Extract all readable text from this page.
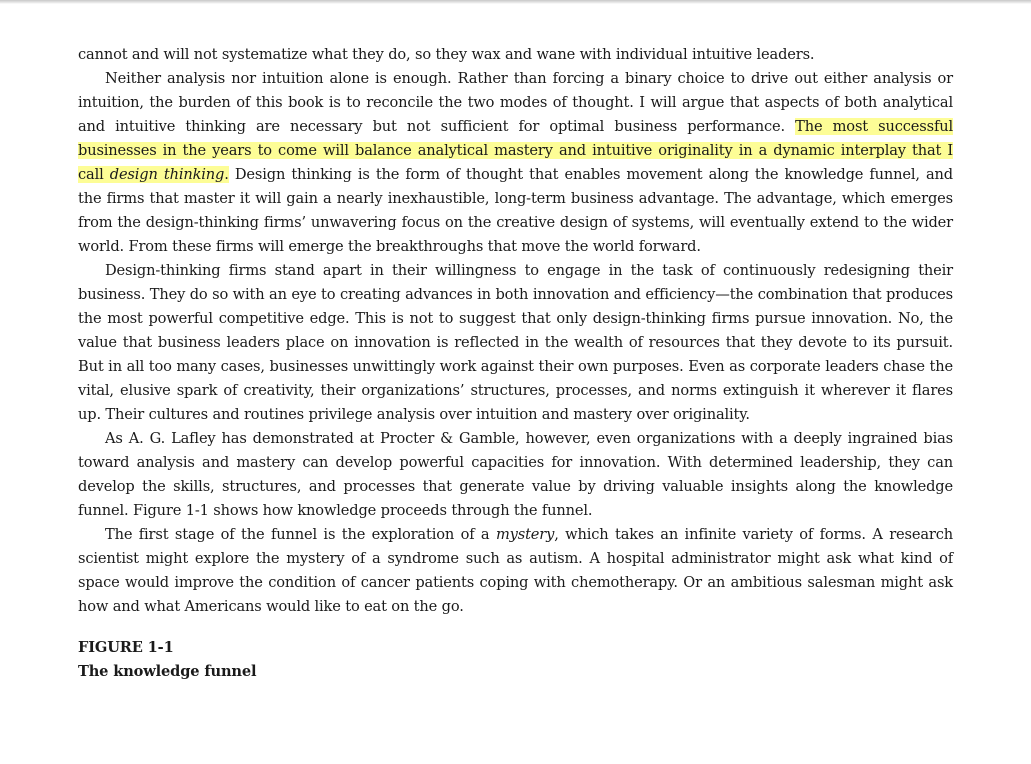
cannot and will not systematize what they do, so they wax and wane with individual intuitive leaders.

Neither analysis nor intuition alone is enough. Rather than forcing a binary choice to drive out either analysis or intuition, the burden of this book is to reconcile the two modes of thought. I will argue that aspects of both analytical and intuitive thinking are necessary but not sufficient for optimal business performance. The most successful businesses in the years to come will balance analytical mastery and intuitive originality in a dynamic interplay that I call design thinking. Design thinking is the form of thought that enables movement along the knowledge funnel, and the firms that master it will gain a nearly inexhaustible, long-term business advantage. The advantage, which emerges from the design-thinking firms’ unwavering focus on the creative design of systems, will eventually extend to the wider world. From these firms will emerge the breakthroughs that move the world forward.

Design-thinking firms stand apart in their willingness to engage in the task of continuously redesigning their business. They do so with an eye to creating advances in both innovation and efficiency—the combination that produces the most powerful competitive edge. This is not to suggest that only design-thinking firms pursue innovation. No, the value that business leaders place on innovation is reflected in the wealth of resources that they devote to its pursuit. But in all too many cases, businesses unwittingly work against their own purposes. Even as corporate leaders chase the vital, elusive spark of creativity, their organizations’ structures, processes, and norms extinguish it wherever it flares up. Their cultures and routines privilege analysis over intuition and mastery over originality.

As A. G. Lafley has demonstrated at Procter & Gamble, however, even organizations with a deeply ingrained bias toward analysis and mastery can develop powerful capacities for innovation. With determined leadership, they can develop the skills, structures, and processes that generate value by driving valuable insights along the knowledge funnel. Figure 1-1 shows how knowledge proceeds through the funnel.

The first stage of the funnel is the exploration of a mystery, which takes an infinite variety of forms. A research scientist might explore the mystery of a syndrome such as autism. A hospital administrator might ask what kind of space would improve the condition of cancer patients coping with chemotherapy. Or an ambitious salesman might ask how and what Americans would like to eat on the go.

FIGURE 1-1
The knowledge funnel
